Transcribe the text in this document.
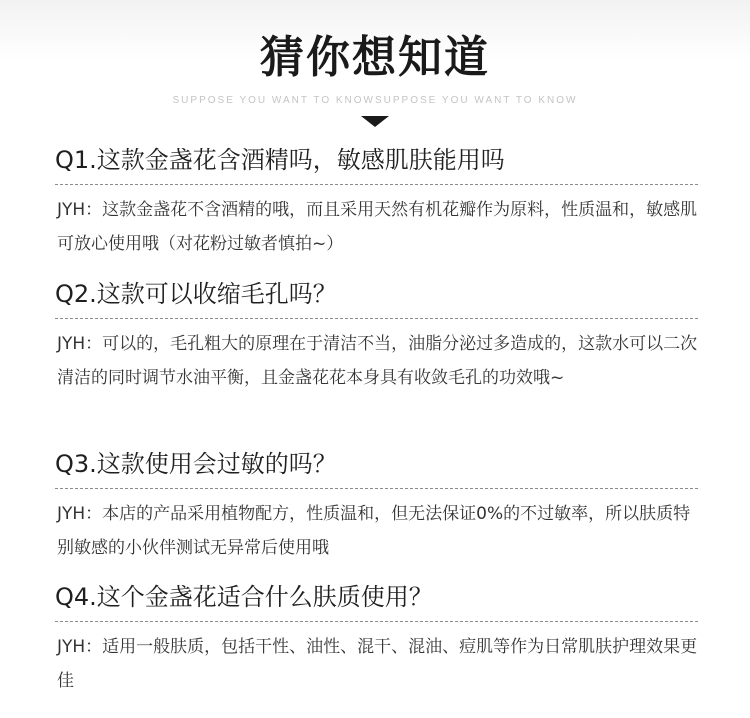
猜你想知道
SUPPOSE YOU WANT TO KNOWSUPPOSE YOU WANT TO KNOW
Q1.这款金盏花含酒精吗，敏感肌肤能用吗
JYH：这款金盏花不含酒精的哦，而且采用天然有机花瓣作为原料，性质温和，敏感肌可放心使用哦（对花粉过敏者慎拍~）
Q2.这款可以收缩毛孔吗？
JYH：可以的，毛孔粗大的原理在于清洁不当，油脂分泌过多造成的，这款水可以二次清洁的同时调节水油平衡，且金盏花花本身具有收敛毛孔的功效哦~
Q3.这款使用会过敏的吗？
JYH：本店的产品采用植物配方，性质温和，但无法保证0%的不过敏率，所以肤质特别敏感的小伙伴测试无异常后使用哦
Q4.这个金盏花适合什么肤质使用？
JYH：适用一般肤质，包括干性、油性、混干、混油、痘肌等作为日常肌肤护理效果更佳
